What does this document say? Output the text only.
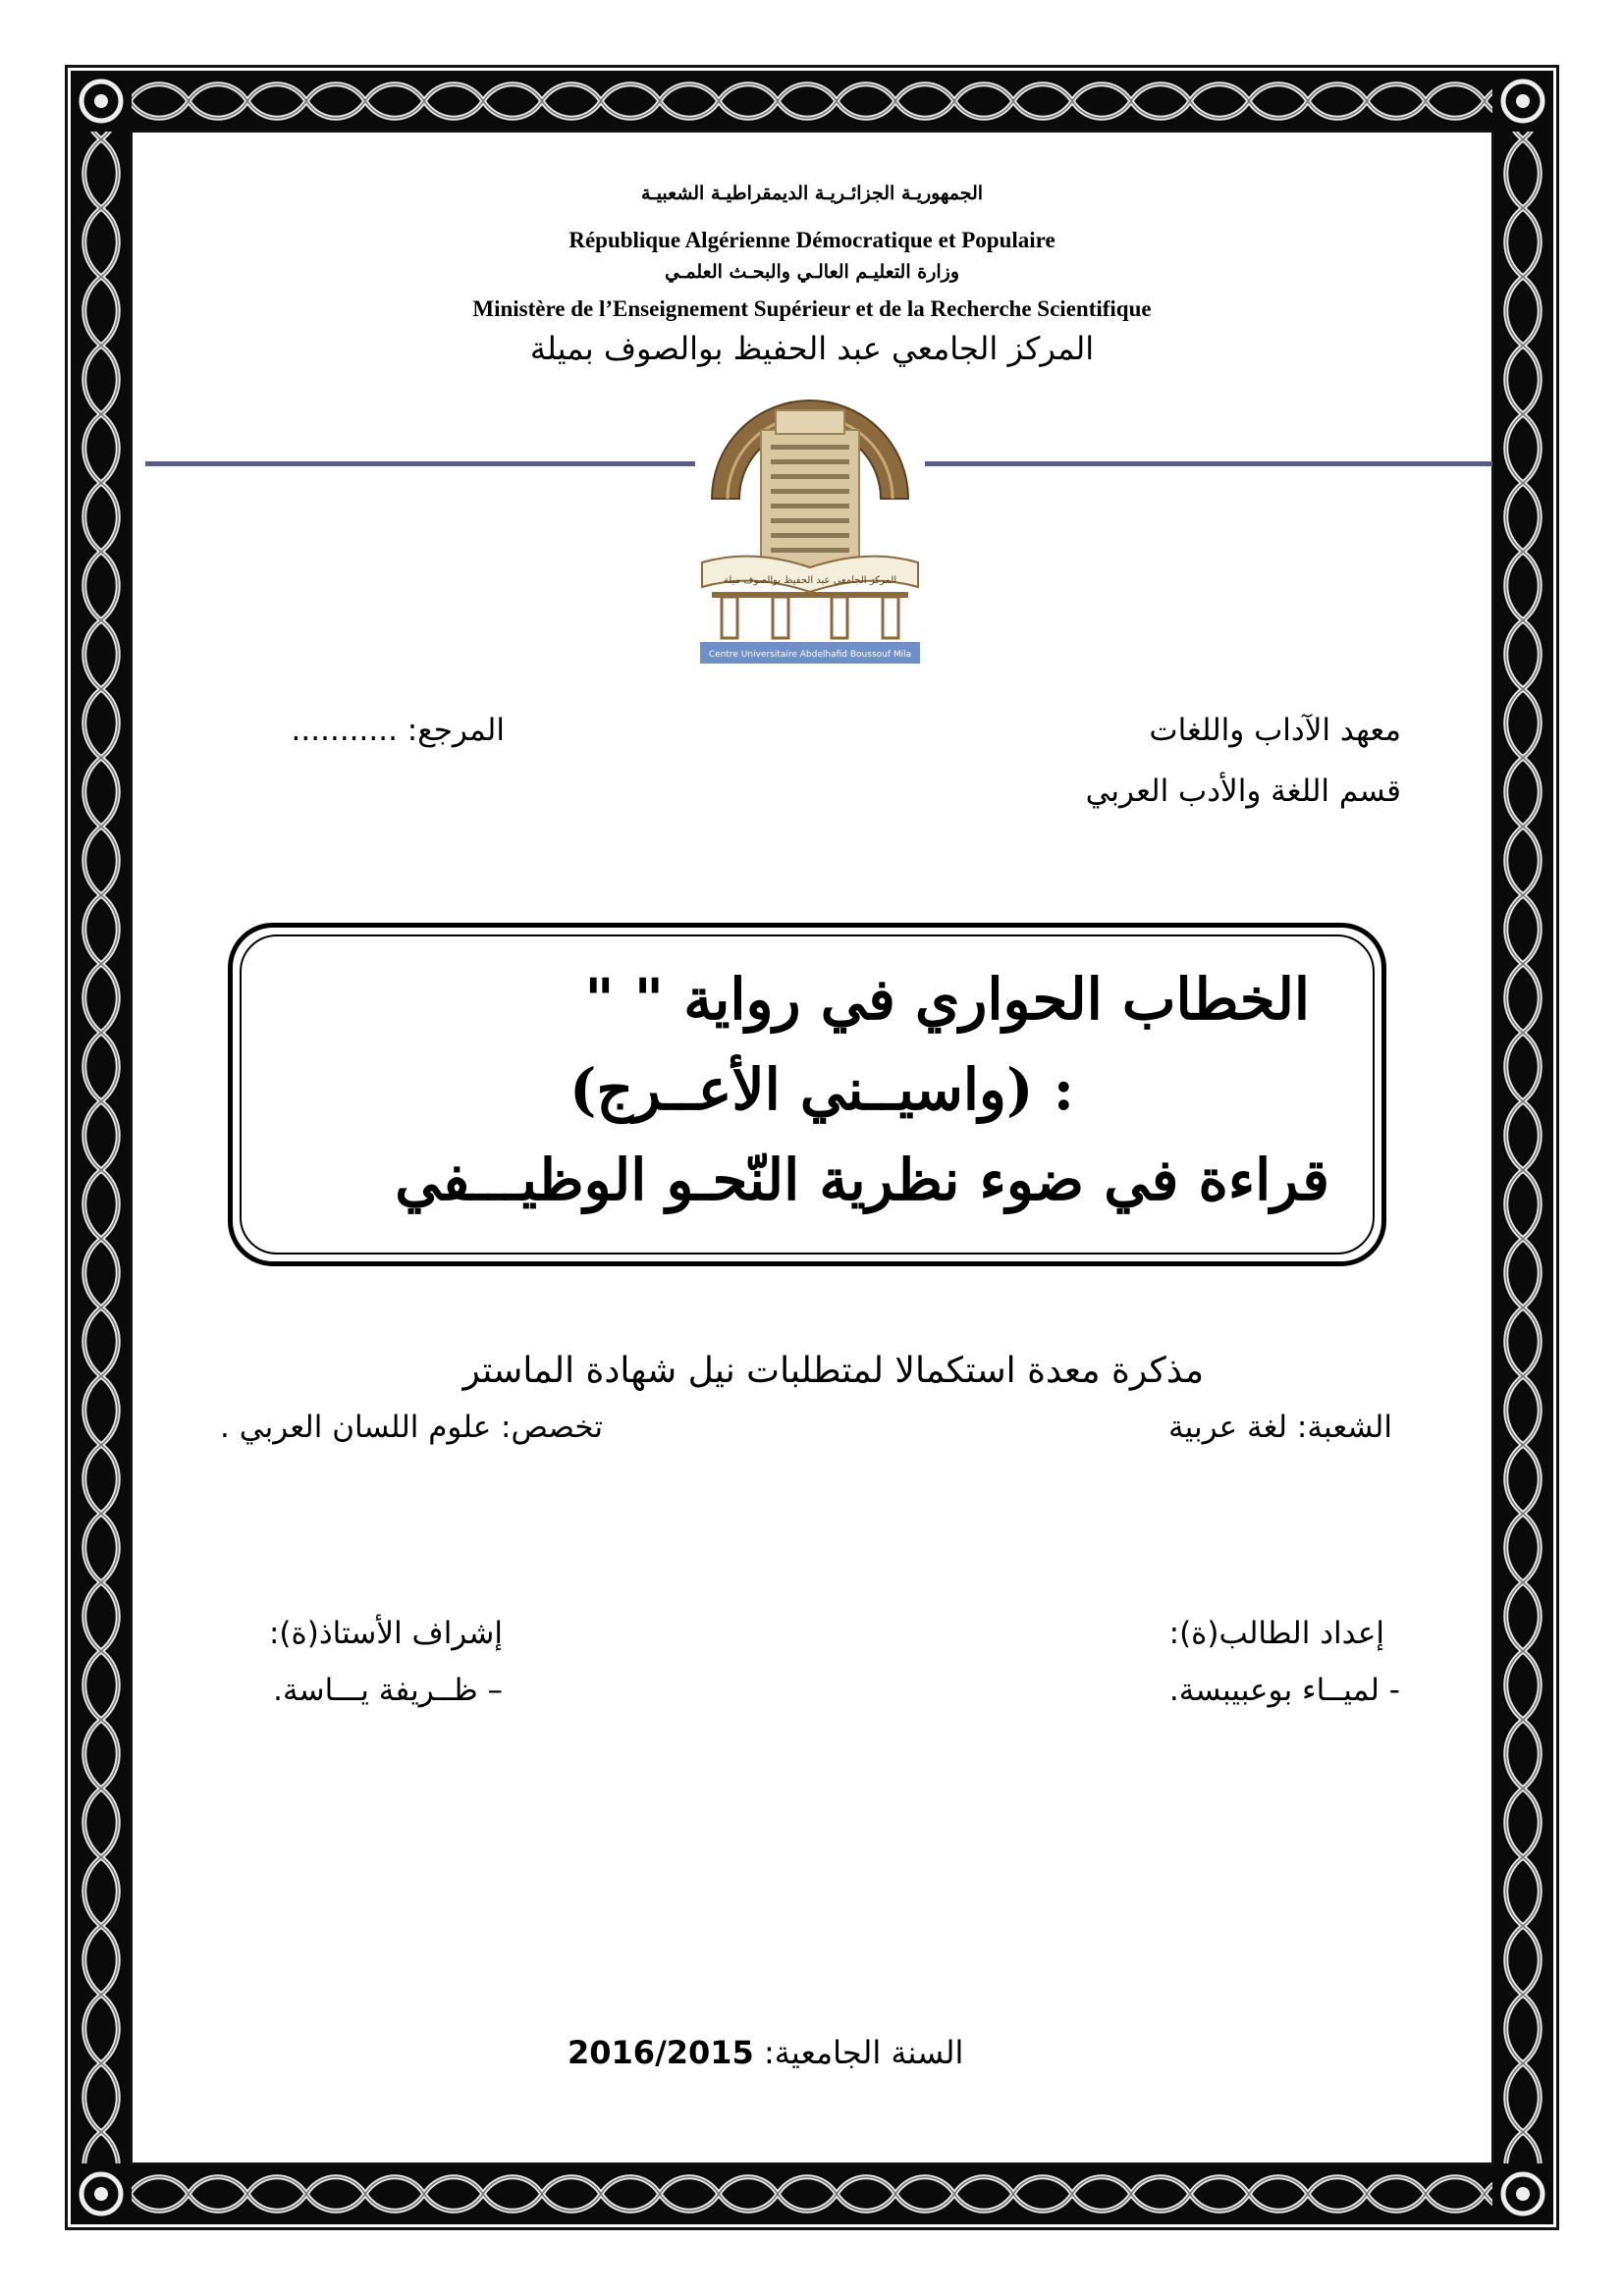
الجمهوريـة الجزائـريـة الديمقراطيـة الشعبيـة
République Algérienne Démocratique et Populaire
وزارة التعليـم العالـي والبحـث العلمـي
Ministère de l’Enseignement Supérieur et de la Recherche Scientifique
المركز الجامعي عبد الحفيظ بوالصوف بميلة
المركز الجامعي عبد الحفيظ بوالصوف ميلة
Centre Universitaire Abdelhafid Boussouf Mila
معهد الآداب واللغات
قسم اللغة والأدب العربي
المرجع: ...........
الخطاب الحواري في رواية " "
: (واسيــني الأعــرج)
قراءة في ضوء نظرية النّحـو الوظيـــفي
مذكرة معدة استكمالا لمتطلبات نيل شهادة الماستر
الشعبة: لغة عربية
تخصص: علوم اللسان العربي .
إعداد الطالب(ة):
- لميــاء بوعبيبسة.
إشراف الأستاذ(ة):
– ظــريفة يـــاسة.
السنة الجامعية: 2016/2015
